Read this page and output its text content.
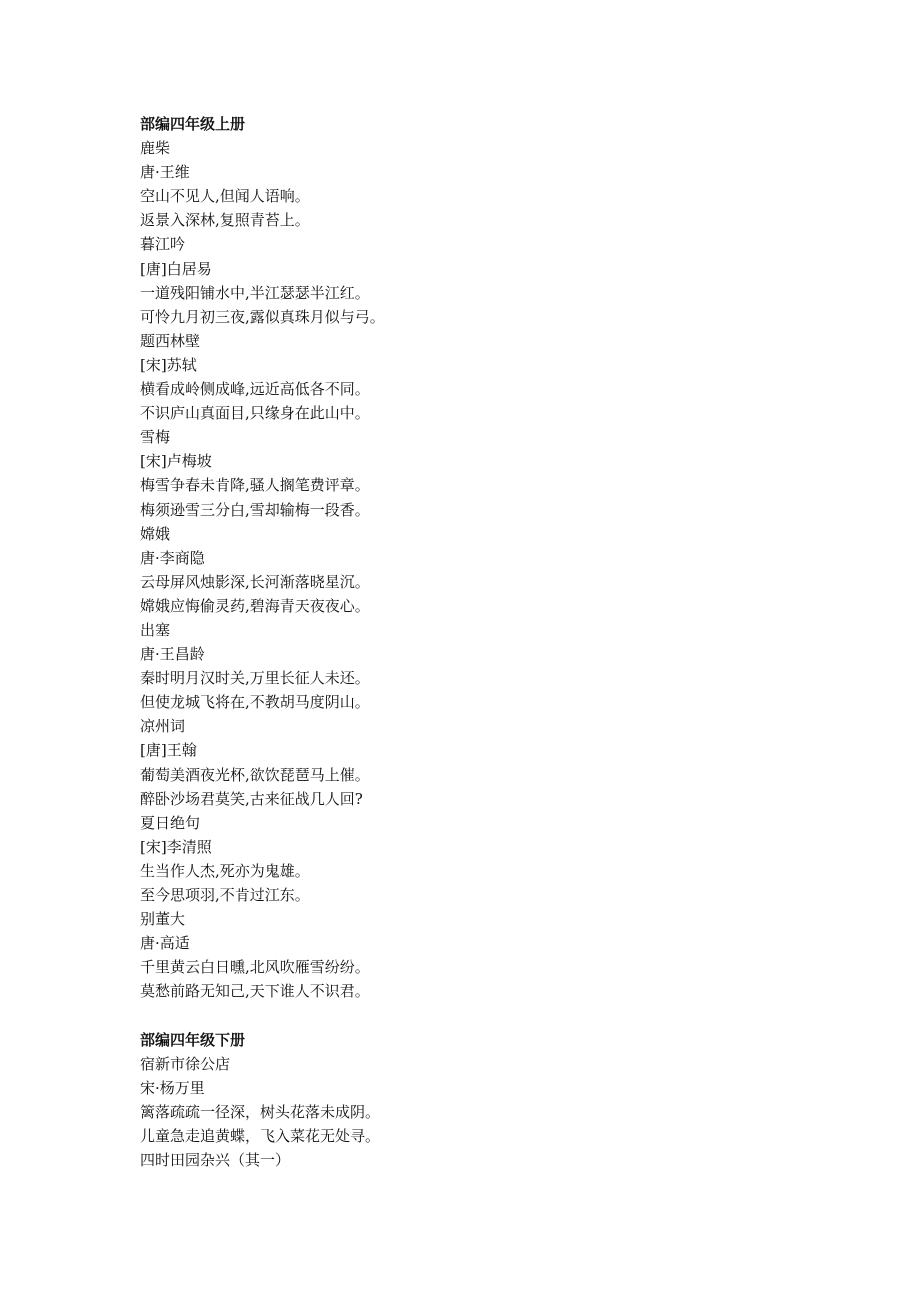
部编四年级上册
鹿柴
唐·王维
空山不见人,但闻人语响。
返景入深林,复照青苔上。
暮江吟
[唐]白居易
一道残阳铺水中,半江瑟瑟半江红。
可怜九月初三夜,露似真珠月似与弓。
题西林壁
[宋]苏轼
横看成岭侧成峰,远近高低各不同。
不识庐山真面目,只缘身在此山中。
雪梅
[宋]卢梅坡
梅雪争春未肯降,骚人搁笔费评章。
梅须逊雪三分白,雪却输梅一段香。
嫦娥
唐·李商隐
云母屏风烛影深,长河渐落晓星沉。
嫦娥应悔偷灵药,碧海青天夜夜心。
出塞
唐·王昌龄
秦时明月汉时关,万里长征人未还。
但使龙城飞将在,不教胡马度阴山。
凉州词
[唐]王翰
葡萄美酒夜光杯,欲饮琵琶马上催。
醉卧沙场君莫笑,古来征战几人回?
夏日绝句
[宋]李清照
生当作人杰,死亦为鬼雄。
至今思项羽,不肯过江东。
别董大
唐·高适
千里黄云白日曛,北风吹雁雪纷纷。
莫愁前路无知己,天下谁人不识君。
部编四年级下册
宿新市徐公店
宋·杨万里
篱落疏疏一径深，树头花落未成阴。
儿童急走追黄蝶，飞入菜花无处寻。
四时田园杂兴（其一）
